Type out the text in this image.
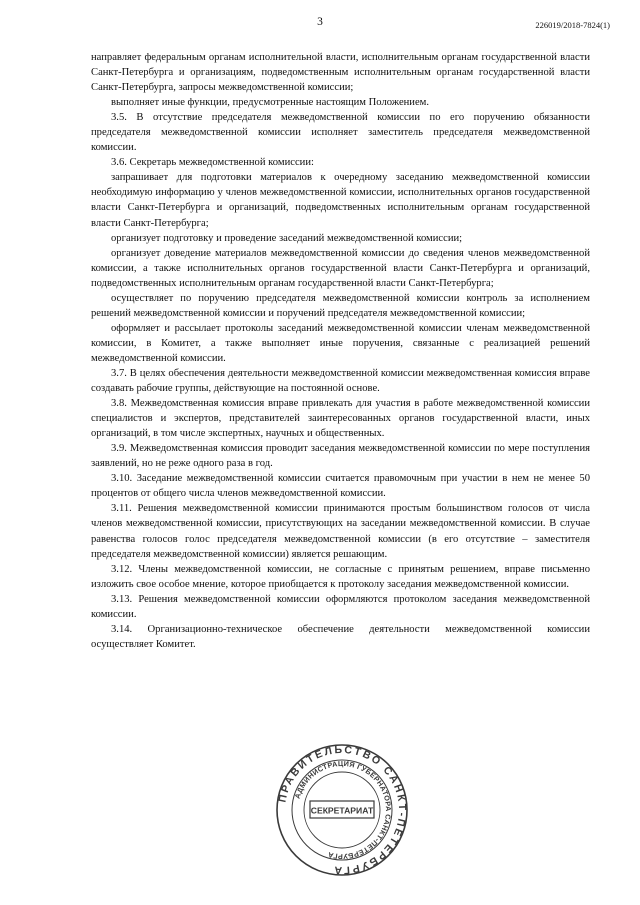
3	226019/2018-7824(1)

направляет федеральным органам исполнительной власти, исполнительным органам государственной власти Санкт-Петербурга и организациям, подведомственным исполнительным органам государственной власти Санкт-Петербурга, запросы межведомственной комиссии;

выполняет иные функции, предусмотренные настоящим Положением.

3.5. В отсутствие председателя межведомственной комиссии по его поручению обязанности председателя межведомственной комиссии исполняет заместитель председателя межведомственной комиссии.

3.6. Секретарь межведомственной комиссии:

запрашивает для подготовки материалов к очередному заседанию межведомственной комиссии необходимую информацию у членов межведомственной комиссии, исполнительных органов государственной власти Санкт-Петербурга и организаций, подведомственных исполнительным органам государственной власти Санкт-Петербурга;

организует подготовку и проведение заседаний межведомственной комиссии;

организует доведение материалов межведомственной комиссии до сведения членов межведомственной комиссии, а также исполнительных органов государственной власти Санкт-Петербурга и организаций, подведомственных исполнительным органам государственной власти Санкт-Петербурга;

осуществляет по поручению председателя межведомственной комиссии контроль за исполнением решений межведомственной комиссии и поручений председателя межведомственной комиссии;

оформляет и рассылает протоколы заседаний межведомственной комиссии членам межведомственной комиссии, в Комитет, а также выполняет иные поручения, связанные с реализацией решений межведомственной комиссии.

3.7. В целях обеспечения деятельности межведомственной комиссии межведомственная комиссия вправе создавать рабочие группы, действующие на постоянной основе.

3.8. Межведомственная комиссия вправе привлекать для участия в работе межведомственной комиссии специалистов и экспертов, представителей заинтересованных органов государственной власти, иных организаций, в том числе экспертных, научных и общественных.

3.9. Межведомственная комиссия проводит заседания межведомственной комиссии по мере поступления заявлений, но не реже одного раза в год.

3.10. Заседание межведомственной комиссии считается правомочным при участии в нем не менее 50 процентов от общего числа членов межведомственной комиссии.

3.11. Решения межведомственной комиссии принимаются простым большинством голосов от числа членов межведомственной комиссии, присутствующих на заседании межведомственной комиссии. В случае равенства голосов голос председателя межведомственной комиссии (в его отсутствие – заместителя председателя межведомственной комиссии) является решающим.

3.12. Члены межведомственной комиссии, не согласные с принятым решением, вправе письменно изложить свое особое мнение, которое приобщается к протоколу заседания межведомственной комиссии.

3.13. Решения межведомственной комиссии оформляются протоколом заседания межведомственной комиссии.

3.14. Организационно-техническое обеспечение деятельности межведомственной комиссии осуществляет Комитет.

ПРАВИТЕЛЬСТВО САНКТ-ПЕТЕРБУРГА
АДМИНИСТРАЦИЯ ГУБЕРНАТОРА САНКТ-ПЕТЕРБУРГА
СЕКРЕТАРИАТ
